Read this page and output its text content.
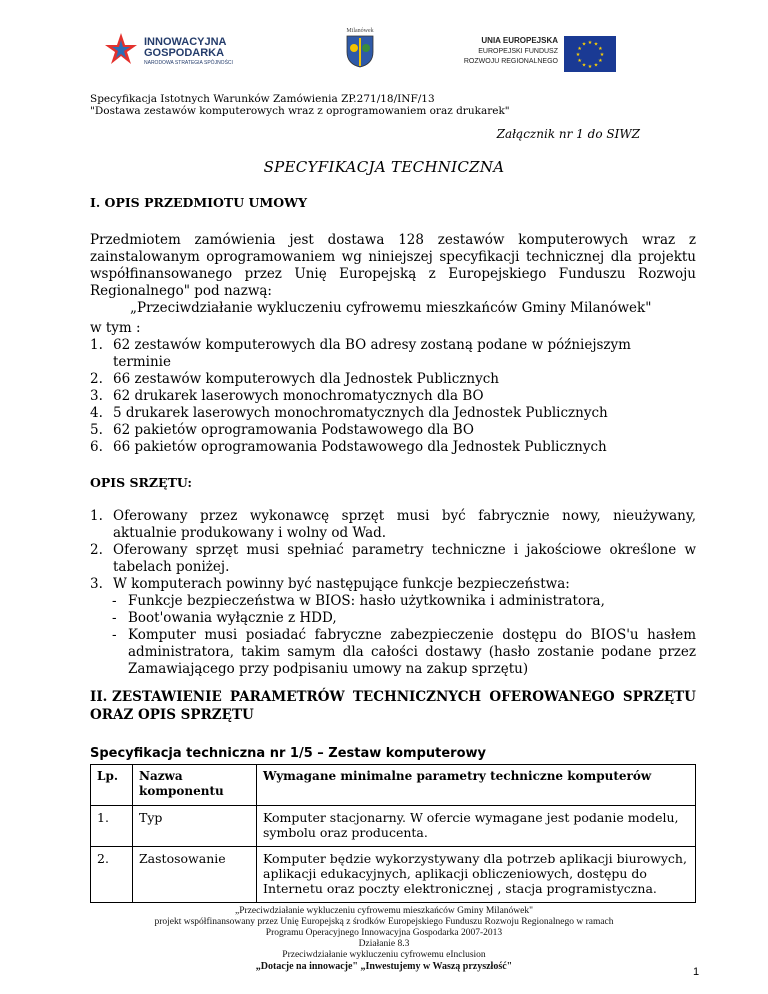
INNOWACYJNA
GOSPODARKA
NARODOWA STRATEGIA SPÓJNOŚCI
Milanówek
UNIA EUROPEJSKA
EUROPEJSKI FUNDUSZ
ROZWOJU REGIONALNEGO
★ ★
★
★
★
★
★
★
★
★
★
★
Specyfikacja Istotnych Warunków Zamówienia ZP.271/18/INF/13
"Dostawa zestawów komputerowych wraz z oprogramowaniem oraz drukarek"
Załącznik nr 1 do SIWZ
SPECYFIKACJA TECHNICZNA
I. OPIS PRZEDMIOTU UMOWY
Przedmiotem zamówienia jest dostawa 128 zestawów komputerowych wraz z zainstalowanym oprogramowaniem wg niniejszej specyfikacji technicznej dla projektu współfinansowanego przez Unię Europejską z Europejskiego Funduszu Rozwoju Regionalnego" pod nazwą:
„Przeciwdziałanie wykluczeniu cyfrowemu mieszkańców Gminy Milanówek"
w tym :
1. 62 zestawów komputerowych dla BO adresy zostaną podane w późniejszym terminie
2. 66 zestawów komputerowych dla Jednostek Publicznych
3. 62 drukarek laserowych monochromatycznych dla BO
4. 5 drukarek laserowych monochromatycznych dla Jednostek Publicznych
5. 62 pakietów oprogramowania Podstawowego dla BO
6. 66 pakietów oprogramowania Podstawowego dla Jednostek Publicznych
OPIS SRZĘTU:
1. Oferowany przez wykonawcę sprzęt musi być fabrycznie nowy, nieużywany, aktualnie produkowany i wolny od Wad.
2. Oferowany sprzęt musi spełniać parametry techniczne i jakościowe określone w tabelach poniżej.
3. W komputerach powinny być następujące funkcje bezpieczeństwa:
- Funkcje bezpieczeństwa w BIOS: hasło użytkownika i administratora,
- Boot'owania wyłącznie z HDD,
- Komputer musi posiadać fabryczne zabezpieczenie dostępu do BIOS'u hasłem administratora, takim samym dla całości dostawy (hasło zostanie podane przez Zamawiającego przy podpisaniu umowy na zakup sprzętu)
II. ZESTAWIENIE PARAMETRÓW TECHNICZNYCH OFEROWANEGO SPRZĘTU
ORAZ OPIS SPRZĘTU
Specyfikacja techniczna nr 1/5 – Zestaw komputerowy
Lp.	Nazwa komponentu	Wymagane minimalne parametry techniczne komputerów
1.	Typ	Komputer stacjonarny. W ofercie wymagane jest podanie modelu, symbolu oraz producenta.
2.	Zastosowanie	Komputer będzie wykorzystywany dla potrzeb aplikacji biurowych, aplikacji edukacyjnych, aplikacji obliczeniowych, dostępu do Internetu oraz poczty elektronicznej , stacja programistyczna.
„Przeciwdziałanie wykluczeniu cyfrowemu mieszkańców Gminy Milanówek"
projekt współfinansowany przez Unię Europejską z środków Europejskiego Funduszu Rozwoju Regionalnego w ramach
Programu Operacyjnego Innowacyjna Gospodarka 2007-2013
Działanie 8.3
Przeciwdziałanie wykluczeniu cyfrowemu eInclusion
„Dotacje na innowacje" „Inwestujemy w Waszą przyszłość"	1
